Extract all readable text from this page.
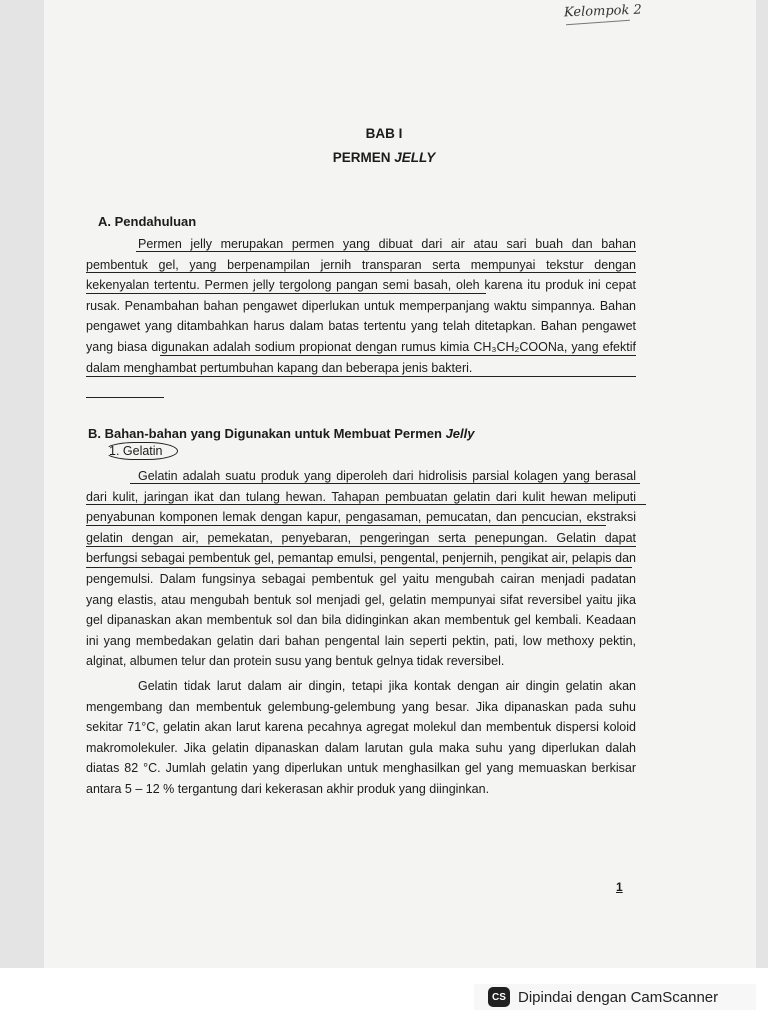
Kelompok 2
BAB I
PERMEN JELLY
A. Pendahuluan

Permen jelly merupakan permen yang dibuat dari air atau sari buah dan bahan pembentuk gel, yang berpenampilan jernih transparan serta mempunyai tekstur dengan kekenyalan tertentu. Permen jelly tergolong pangan semi basah, oleh karena itu produk ini cepat rusak. Penambahan bahan pengawet diperlukan untuk memperpanjang waktu simpannya. Bahan pengawet yang ditambahkan harus dalam batas tertentu yang telah ditetapkan. Bahan pengawet yang biasa digunakan adalah sodium propionat dengan rumus kimia CH₃CH₂COONa, yang efektif dalam menghambat pertumbuhan kapang dan beberapa jenis bakteri.

B. Bahan-bahan yang Digunakan untuk Membuat Permen Jelly
1. Gelatin

Gelatin adalah suatu produk yang diperoleh dari hidrolisis parsial kolagen yang berasal dari kulit, jaringan ikat dan tulang hewan. Tahapan pembuatan gelatin dari kulit hewan meliputi penyabunan komponen lemak dengan kapur, pengasaman, pemucatan, dan pencucian, ekstraksi gelatin dengan air, pemekatan, penyebaran, pengeringan serta penepungan. Gelatin dapat berfungsi sebagai pembentuk gel, pemantap emulsi, pengental, penjernih, pengikat air, pelapis dan pengemulsi. Dalam fungsinya sebagai pembentuk gel yaitu mengubah cairan menjadi padatan yang elastis, atau mengubah bentuk sol menjadi gel, gelatin mempunyai sifat reversibel yaitu jika gel dipanaskan akan membentuk sol dan bila didinginkan akan membentuk gel kembali. Keadaan ini yang membedakan gelatin dari bahan pengental lain seperti pektin, pati, low methoxy pektin, alginat, albumen telur dan protein susu yang bentuk gelnya tidak reversibel.

Gelatin tidak larut dalam air dingin, tetapi jika kontak dengan air dingin gelatin akan mengembang dan membentuk gelembung-gelembung yang besar. Jika dipanaskan pada suhu sekitar 71°C, gelatin akan larut karena pecahnya agregat molekul dan membentuk dispersi koloid makromolekuler. Jika gelatin dipanaskan dalam larutan gula maka suhu yang diperlukan dalah diatas 82 °C. Jumlah gelatin yang diperlukan untuk menghasilkan gel yang memuaskan berkisar antara 5 – 12 % tergantung dari kekerasan akhir produk yang diinginkan.

1
CS Dipindai dengan CamScanner
